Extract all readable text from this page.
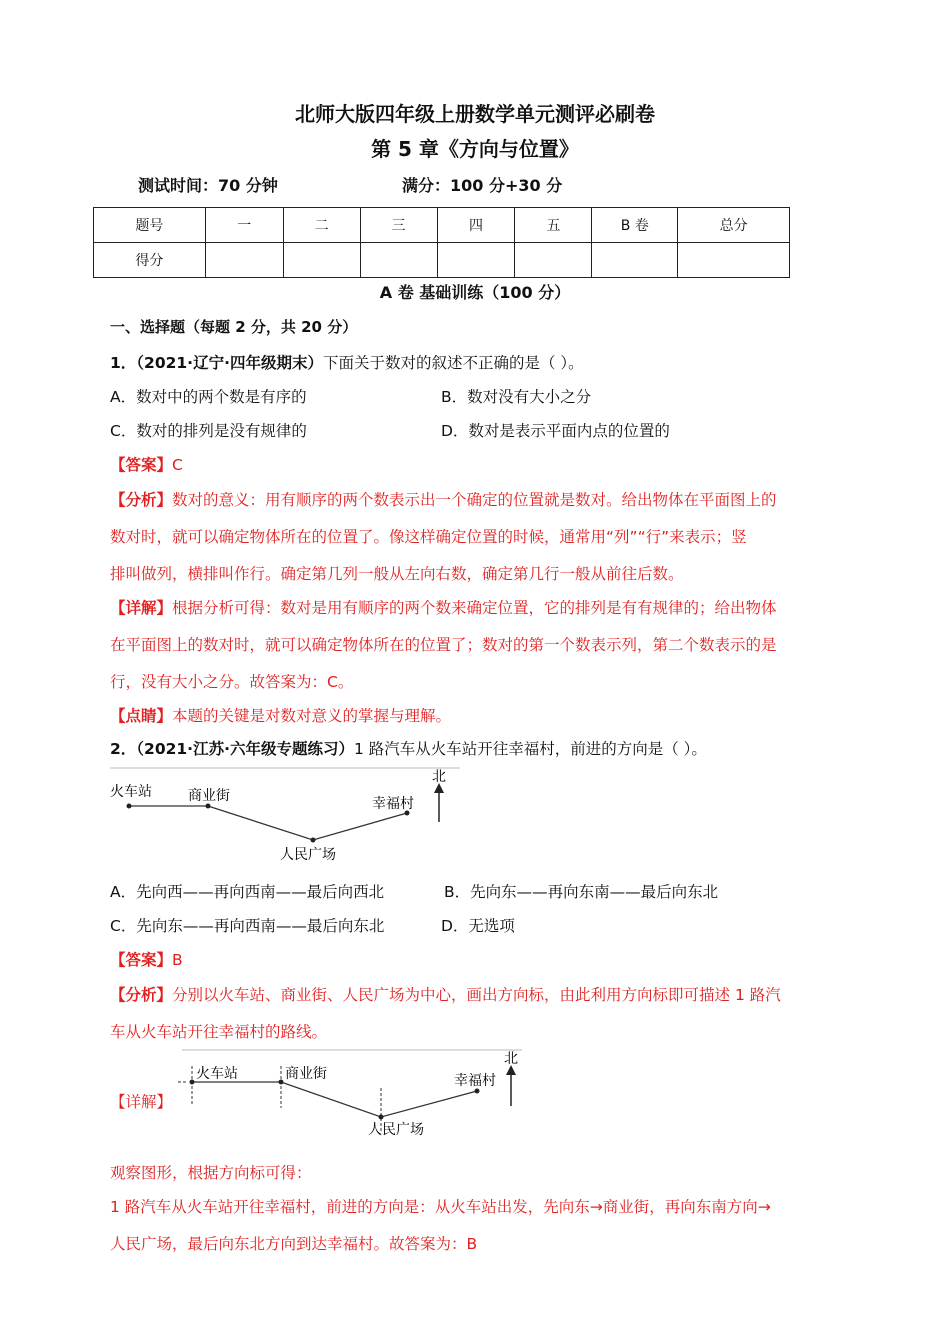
北师大版四年级上册数学单元测评必刷卷
第 5 章《方向与位置》
测试时间：70 分钟	满分：100 分+30 分
题号	一	二	三	四	五	B 卷	总分
得分							
A 卷 基础训练（100 分）
一、选择题（每题 2 分，共 20 分）
1．（2021·辽宁·四年级期末）下面关于数对的叙述不正确的是（ ）。
A．数对中的两个数是有序的	B．数对没有大小之分
C．数对的排列是没有规律的	D．数对是表示平面内点的位置的
【答案】C
【分析】数对的意义：用有顺序的两个数表示出一个确定的位置就是数对。给出物体在平面图上的
数对时，就可以确定物体所在的位置了。像这样确定位置的时候，通常用“列”“行”来表示；竖
排叫做列，横排叫作行。确定第几列一般从左向右数，确定第几行一般从前往后数。
【详解】根据分析可得：数对是用有顺序的两个数来确定位置，它的排列是有有规律的；给出物体
在平面图上的数对时，就可以确定物体所在的位置了；数对的第一个数表示列，第二个数表示的是
行，没有大小之分。故答案为：C。
【点睛】本题的关键是对数对意义的掌握与理解。
2．（2021·江苏·六年级专题练习）1 路汽车从火车站开往幸福村，前进的方向是（ ）。
火车站	商业街	幸福村
人民广场
北
A．先向西——再向西南——最后向西北	B．先向东——再向东南——最后向东北
C．先向东——再向西南——最后向东北	D．无选项
【答案】B
【分析】分别以火车站、商业街、人民广场为中心，画出方向标，由此利用方向标即可描述 1 路汽
车从火车站开往幸福村的路线。
【详解】
火车站	商业街	幸福村
人民广场
北
观察图形，根据方向标可得：
1 路汽车从火车站开往幸福村，前进的方向是：从火车站出发，先向东→商业街，再向东南方向→
人民广场，最后向东北方向到达幸福村。故答案为：B
